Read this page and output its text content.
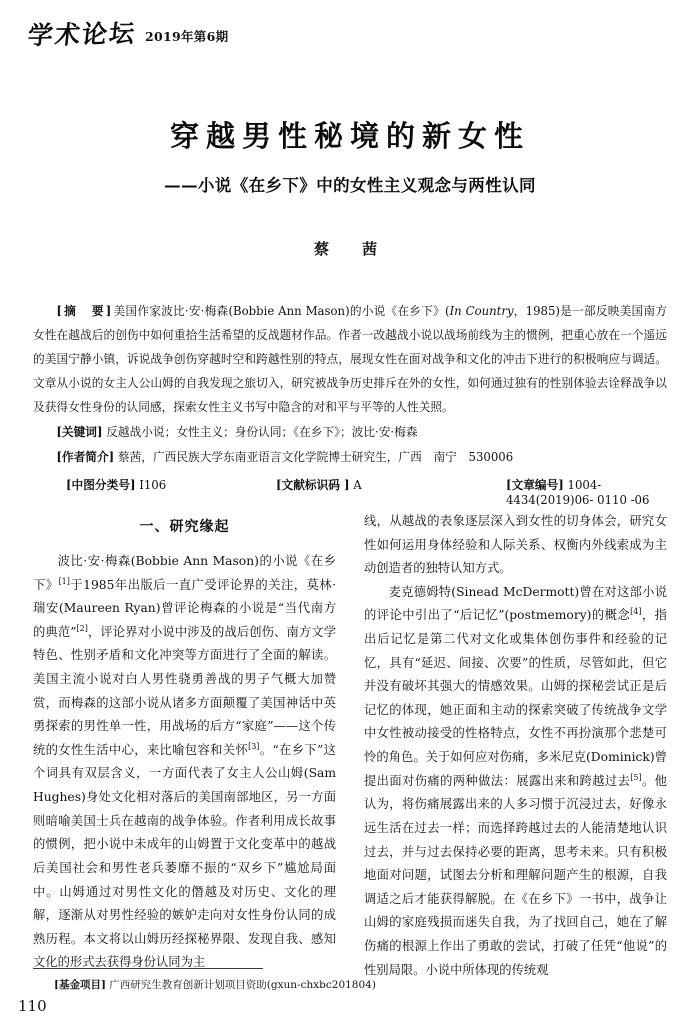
学术论坛 2019年第6期
穿越男性秘境的新女性
——小说《在乡下》中的女性主义观念与两性认同
蔡　茜

[摘　要]美国作家波比·安·梅森(Bobbie Ann Mason)的小说《在乡下》(In Country，1985)是一部反映美国南方女性在越战后的创伤中如何重拾生活希望的反战题材作品。作者一改越战小说以战场前线为主的惯例，把重心放在一个遥远的美国宁静小镇，诉说战争创伤穿越时空和跨越性别的特点，展现女性在面对战争和文化的冲击下进行的积极响应与调适。文章从小说的女主人公山姆的自我发现之旅切入，研究被战争历史排斥在外的女性，如何通过独有的性别体验去诠释战争以及获得女性身份的认同感，探索女性主义书写中隐含的对和平与平等的人性关照。

[关键词] 反越战小说；女性主义；身份认同；《在乡下》；波比·安·梅森

[作者简介] 蔡茜，广西民族大学东南亚语言文化学院博士研究生，广西　南宁　530006

[中图分类号] I106	[文献标识码 ] A	[文章编号] 1004- 4434(2019)06- 0110 -06
一、研究缘起

波比·安·梅森(Bobbie Ann Mason)的小说《在乡下》[1]于1985年出版后一直广受评论界的关注，莫林·瑞安(Maureen Ryan)曾评论梅森的小说是“当代南方的典范”[2]，评论界对小说中涉及的战后创伤、南方文学特色、性别矛盾和文化冲突等方面进行了全面的解读。美国主流小说对白人男性骁勇善战的男子气概大加赞赏，而梅森的这部小说从诸多方面颠覆了美国神话中英勇探索的男性单一性，用战场的后方“家庭”——这个传统的女性生活中心，来比喻包容和关怀[3]。“在乡下”这个词具有双层含义，一方面代表了女主人公山姆(Sam Hughes)身处文化相对落后的美国南部地区，另一方面则暗喻美国士兵在越南的战争体验。作者利用成长故事的惯例，把小说中未成年的山姆置于文化变革中的越战后美国社会和男性老兵萎靡不振的“双乡下”尴尬局面中。山姆通过对男性文化的僭越及对历史、文化的理解，逐渐从对男性经验的嫉妒走向对女性身份认同的成熟历程。本文将以山姆历经探秘界限、发现自我、感知文化的形式去获得身份认同为主

线，从越战的表象逐层深入到女性的切身体会，研究女性如何运用身体经验和人际关系、权衡内外线索成为主动创造者的独特认知方式。

麦克德姆特(Sinead McDermott)曾在对这部小说的评论中引出了“后记忆”(postmemory)的概念[4]，指出后记忆是第二代对文化或集体创伤事件和经验的记忆，具有“延迟、间接、次要”的性质，尽管如此，但它并没有破坏其强大的情感效果。山姆的探秘尝试正是后记忆的体现，她正面和主动的探索突破了传统战争文学中女性被动接受的性格特点，女性不再扮演那个悲楚可怜的角色。关于如何应对伤痛，多米尼克(Dominick)曾提出面对伤痛的两种做法：展露出来和跨越过去[5]。他认为，将伤痛展露出来的人多习惯于沉浸过去，好像永远生活在过去一样；而选择跨越过去的人能清楚地认识过去，并与过去保持必要的距离，思考未来。只有积极地面对问题，试图去分析和理解问题产生的根源，自我调适之后才能获得解脱。在《在乡下》一书中，战争让山姆的家庭残损而迷失自我，为了找回自己，她在了解伤痛的根源上作出了勇敢的尝试，打破了任凭“他说”的性别局限。小说中所体现的传统观

[基金项目] 广西研究生教育创新计划项目资助(gxun-chxbc201804)
110
